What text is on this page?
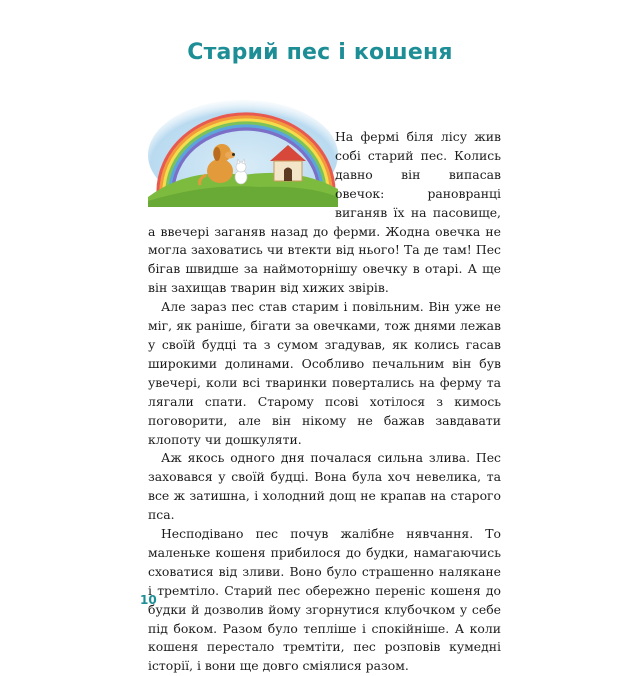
Старий пес і кошеня

На фермі біля лісу жив собі старий пес. Колись давно він випасав овечок: рановранці виганяв їх на пасовище, а ввечері заганяв назад до ферми. Жодна овечка не могла заховатись чи втекти від нього! Та де там! Пес бігав швидше за наймоторнішу овечку в отарі. А ще він захищав тварин від хижих звірів.

Але зараз пес став старим і повільним. Він уже не міг, як раніше, бігати за овечками, тож днями лежав у своїй будці та з сумом згадував, як колись гасав широкими долинами. Особливо печальним він був увечері, коли всі тваринки повертались на ферму та лягали спати. Старому псові хотілося з кимось поговорити, але він нікому не бажав завдавати клопоту чи дошкуляти.

Аж якось одного дня почалася сильна злива. Пес заховався у своїй будці. Вона була хоч невелика, та все ж затишна, і холодний дощ не крапав на старого пса.

Несподівано пес почув жалібне нявчання. То маленьке кошеня прибилося до будки, намагаючись сховатися від зливи. Воно було страшенно налякане і тремтіло. Старий пес обережно переніс кошеня до будки й дозволив йому згорнутися клубочком у себе під боком. Разом було тепліше і спокійніше. А коли кошеня перестало тремтіти, пес розповів кумедні історії, і вони ще довго сміялися разом.

10
